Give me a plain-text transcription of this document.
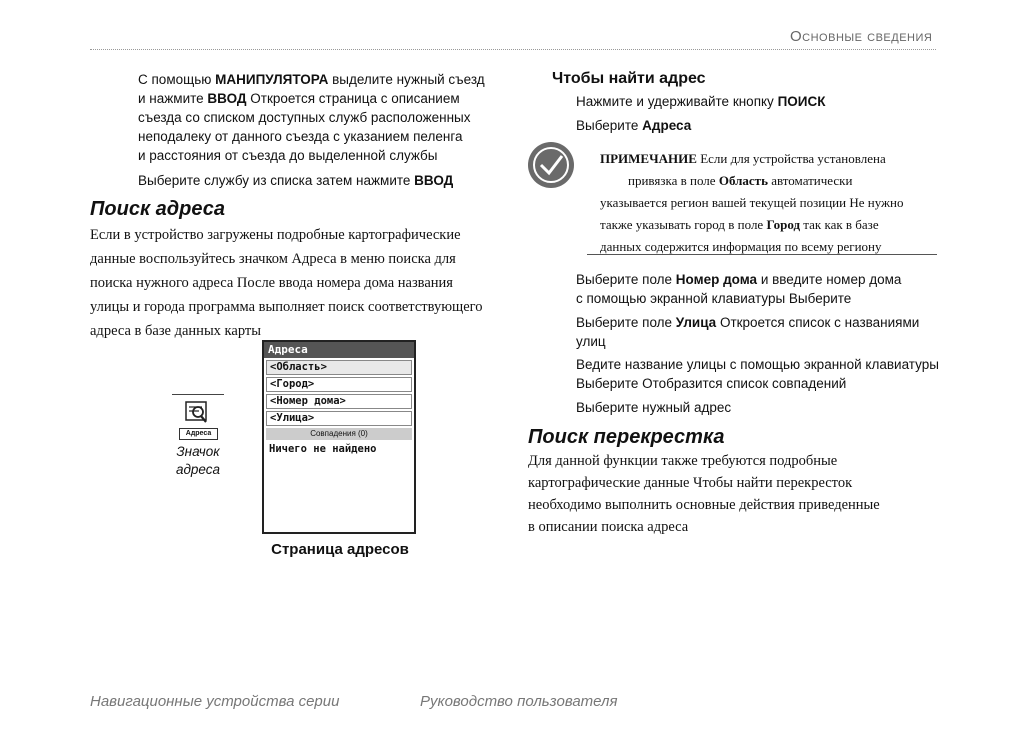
Основные сведения
С помощью МАНИПУЛЯТОРА выделите нужный съезд
и нажмите ВВОД Откроется страница с описанием
съезда со списком доступных служб расположенных
неподалеку от данного съезда с указанием пеленга
и расстояния от съезда до выделенной службы
Выберите службу из списка затем нажмите ВВОД
Поиск адреса
Если в устройство загружены подробные картографические
данные воспользуйтесь значком Адреса в меню поиска для
поиска нужного адреса После ввода номера дома названия
улицы и города программа выполняет поиск соответствующего
адреса в базе данных карты
Адреса
Значок
адреса
Адреса
<Область>
<Город>
<Номер дома>
<Улица>
Совпадения (0)
Ничего не найдено
Страница адресов
Чтобы найти адрес
Нажмите и удерживайте кнопку ПОИСК
Выберите Адреса
ПРИМЕЧАНИЕ Если для устройства установлена
привязка в поле Область автоматически
указывается регион вашей текущей позиции Не нужно
также указывать город в поле Город так как в базе
данных содержится информация по всему региону
Выберите поле Номер дома и введите номер дома
с помощью экранной клавиатуры Выберите
Выберите поле Улица Откроется список с названиями
улиц
Ведите название улицы с помощью экранной клавиатуры
Выберите Отобразится список совпадений
Выберите нужный адрес
Поиск перекрестка
Для данной функции также требуются подробные
картографические данные Чтобы найти перекресток
необходимо выполнить основные действия приведенные
в описании поиска адреса
Навигационные устройства серии	Руководство пользователя
